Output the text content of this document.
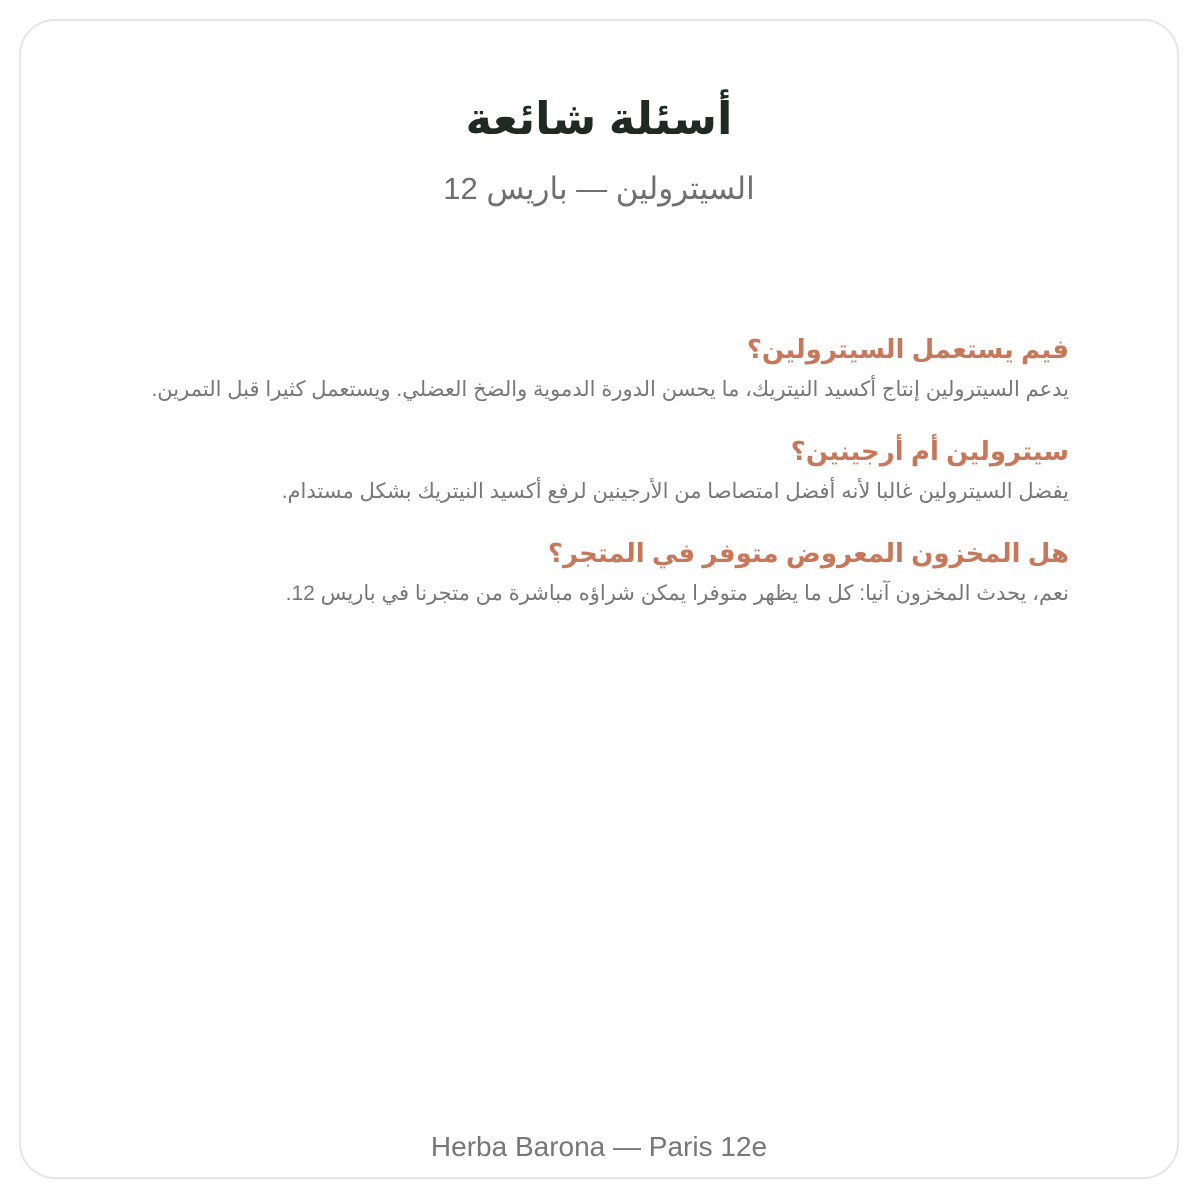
أسئلة شائعة
السيترولين — باريس 12
فيم يستعمل السيترولين؟
يدعم السيترولين إنتاج أكسيد النيتريك، ما يحسن الدورة الدموية والضخ العضلي. ويستعمل كثيرا قبل التمرين.
سيترولين أم أرجينين؟
يفضل السيترولين غالبا لأنه أفضل امتصاصا من الأرجينين لرفع أكسيد النيتريك بشكل مستدام.
هل المخزون المعروض متوفر في المتجر؟
نعم، يحدث المخزون آنيا: كل ما يظهر متوفرا يمكن شراؤه مباشرة من متجرنا في باريس 12.
Herba Barona — Paris 12e
